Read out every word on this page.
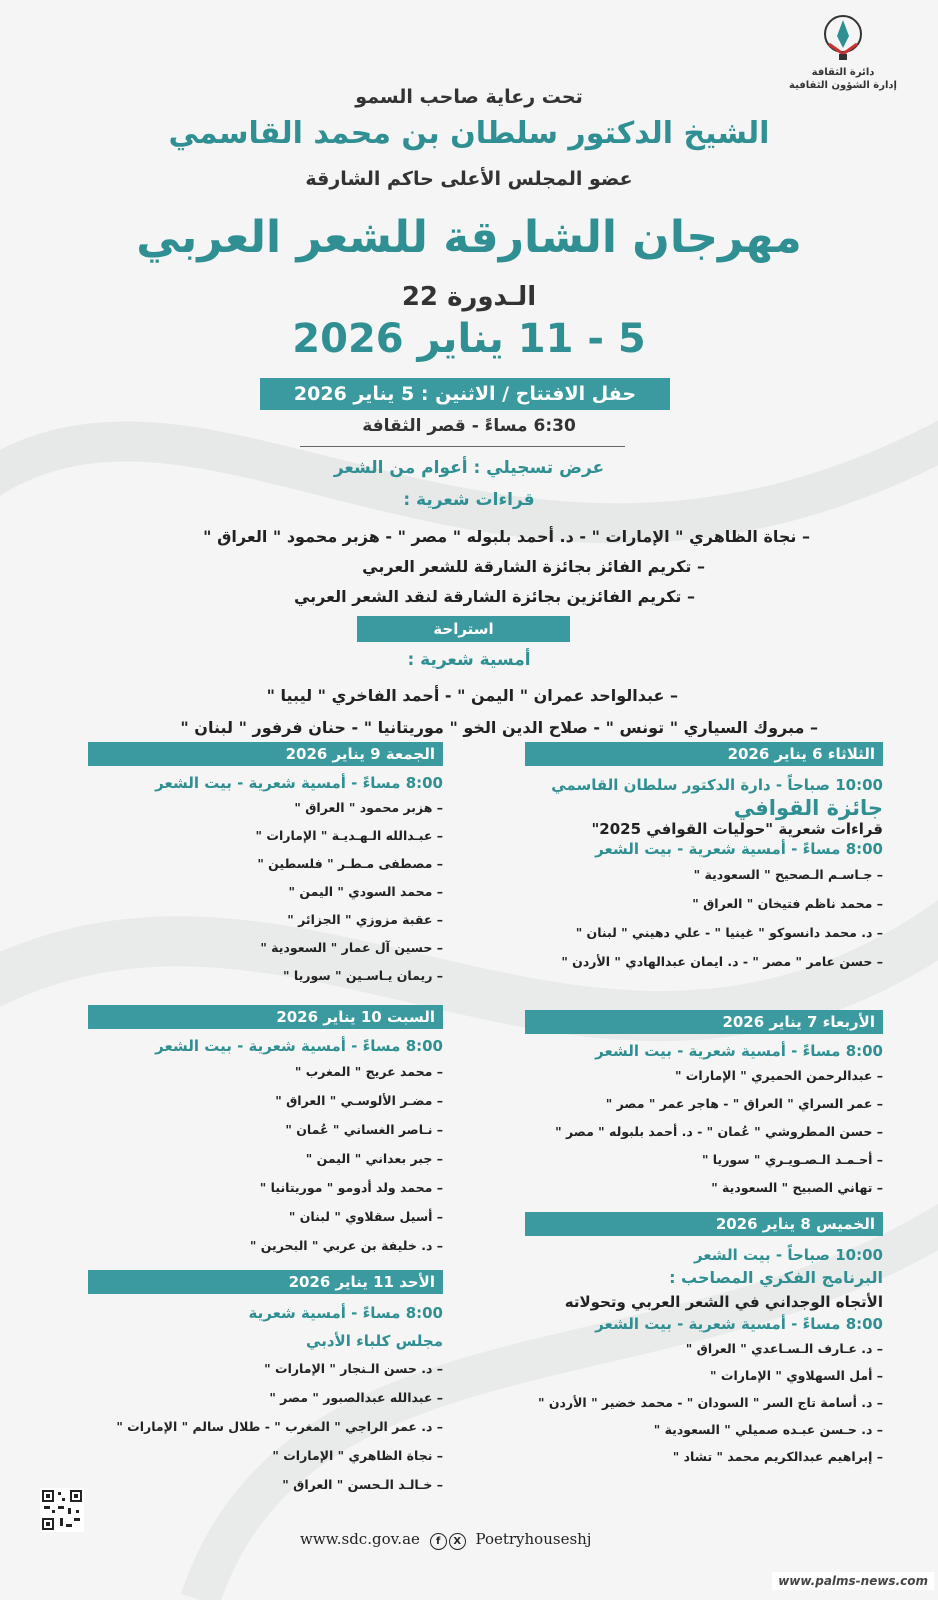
دائرة الثقافة
إدارة الشؤون الثقافية
تحت رعاية صاحب السمو
الشيخ الدكتور سلطان بن محمد القاسمي
عضو المجلس الأعلى حاكم الشارقة
مهرجان الشارقة للشعر العربي
الـدورة 22
5 - 11 يناير 2026
حفل الافتتاح / الاثنين : 5 يناير 2026
6:30 مساءً - قصر الثقافة
عرض تسجيلي : أعوام من الشعر
قراءات شعرية :
– نجاة الظاهري " الإمارات " - د. أحمد بلبوله " مصر " - هزبر محمود " العراق "
– تكريم الفائز بجائزة الشارقة للشعر العربي
– تكريم الفائزين بجائزة الشارقة لنقد الشعر العربي
استراحة
أمسية شعرية :
– عبدالواحد عمران " اليمن " - أحمد الفاخري " ليبيا "
– مبروك السياري " تونس " - صلاح الدين الخو " موريتانيا " - حنان فرفور " لبنان "
الثلاثاء 6 يناير 2026
10:00 صباحاً - دارة الدكتور سلطان القاسمي
جائزة القوافي
قراءات شعرية "حوليات القوافي 2025"
8:00 مساءً - أمسية شعرية - بيت الشعر
– جـاسـم الـصحيح " السعودية "
– محمد ناظم فتيخان " العراق "
– د. محمد دانسوكو " غينيا " - علي دهيني " لبنان "
– حسن عامر " مصر " - د. ايمان عبدالهادي " الأردن "
الأربعاء 7 يناير 2026
8:00 مساءً - أمسية شعرية - بيت الشعر
– عبدالرحمن الحميري " الإمارات "
– عمر السراي " العراق " - هاجر عمر " مصر "
– حسن المطروشي " عُمان " - د. أحمد بلبوله " مصر "
– أحـمـد الـصـويـري " سوريا "
– تهاني الصبيح " السعودية "
الخميس 8 يناير 2026
10:00 صباحاً - بيت الشعر
البرنامج الفكري المصاحب :
الأتجاه الوجداني في الشعر العربي وتحولاته
8:00 مساءً - أمسية شعرية - بيت الشعر
– د. عـارف الـسـاعدي " العراق "
– أمل السهلاوي " الإمارات "
– د. أسامة تاج السر " السودان " - محمد خضير " الأردن "
– د. حـسن عبـده صميلي " السعودية "
– إبراهيم عبدالكريم محمد " تشاد "
الجمعة 9 يناير 2026
8:00 مساءً - أمسية شعرية - بيت الشعر
– هزبر محمود " العراق "
– عبـدالله الـهـديـة " الإمارات "
– مصطفى مـطـر " فلسطين "
– محمد السودي " اليمن "
– عقبة مزوزي " الجزائر "
– حسين آل عمار " السعودية "
– ريمان يـاسـين " سوريا "
السبت 10 يناير 2026
8:00 مساءً - أمسية شعرية - بيت الشعر
– محمد عريج " المغرب "
– مضـر الألوسـي " العراق "
– نـاصر الغساني " عُمان "
– جبر بعداني " اليمن "
– محمد ولد أدومو " موريتانيا "
– أسيل سقلاوي " لبنان "
– د. خليفة بن عربي " البحرين "
الأحد 11 يناير 2026
8:00 مساءً - أمسية شعرية
مجلس كلباء الأدبي
– د. حسن الـنجار " الإمارات "
– عبدالله عبدالصبور " مصر "
– د. عمر الراجي " المغرب " - طلال سالم " الإمارات "
– نجاة الظاهري " الإمارات "
– خـالـد الـحسن " العراق "
www.sdc.gov.ae f X Poetryhouseshj
www.palms-news.com
